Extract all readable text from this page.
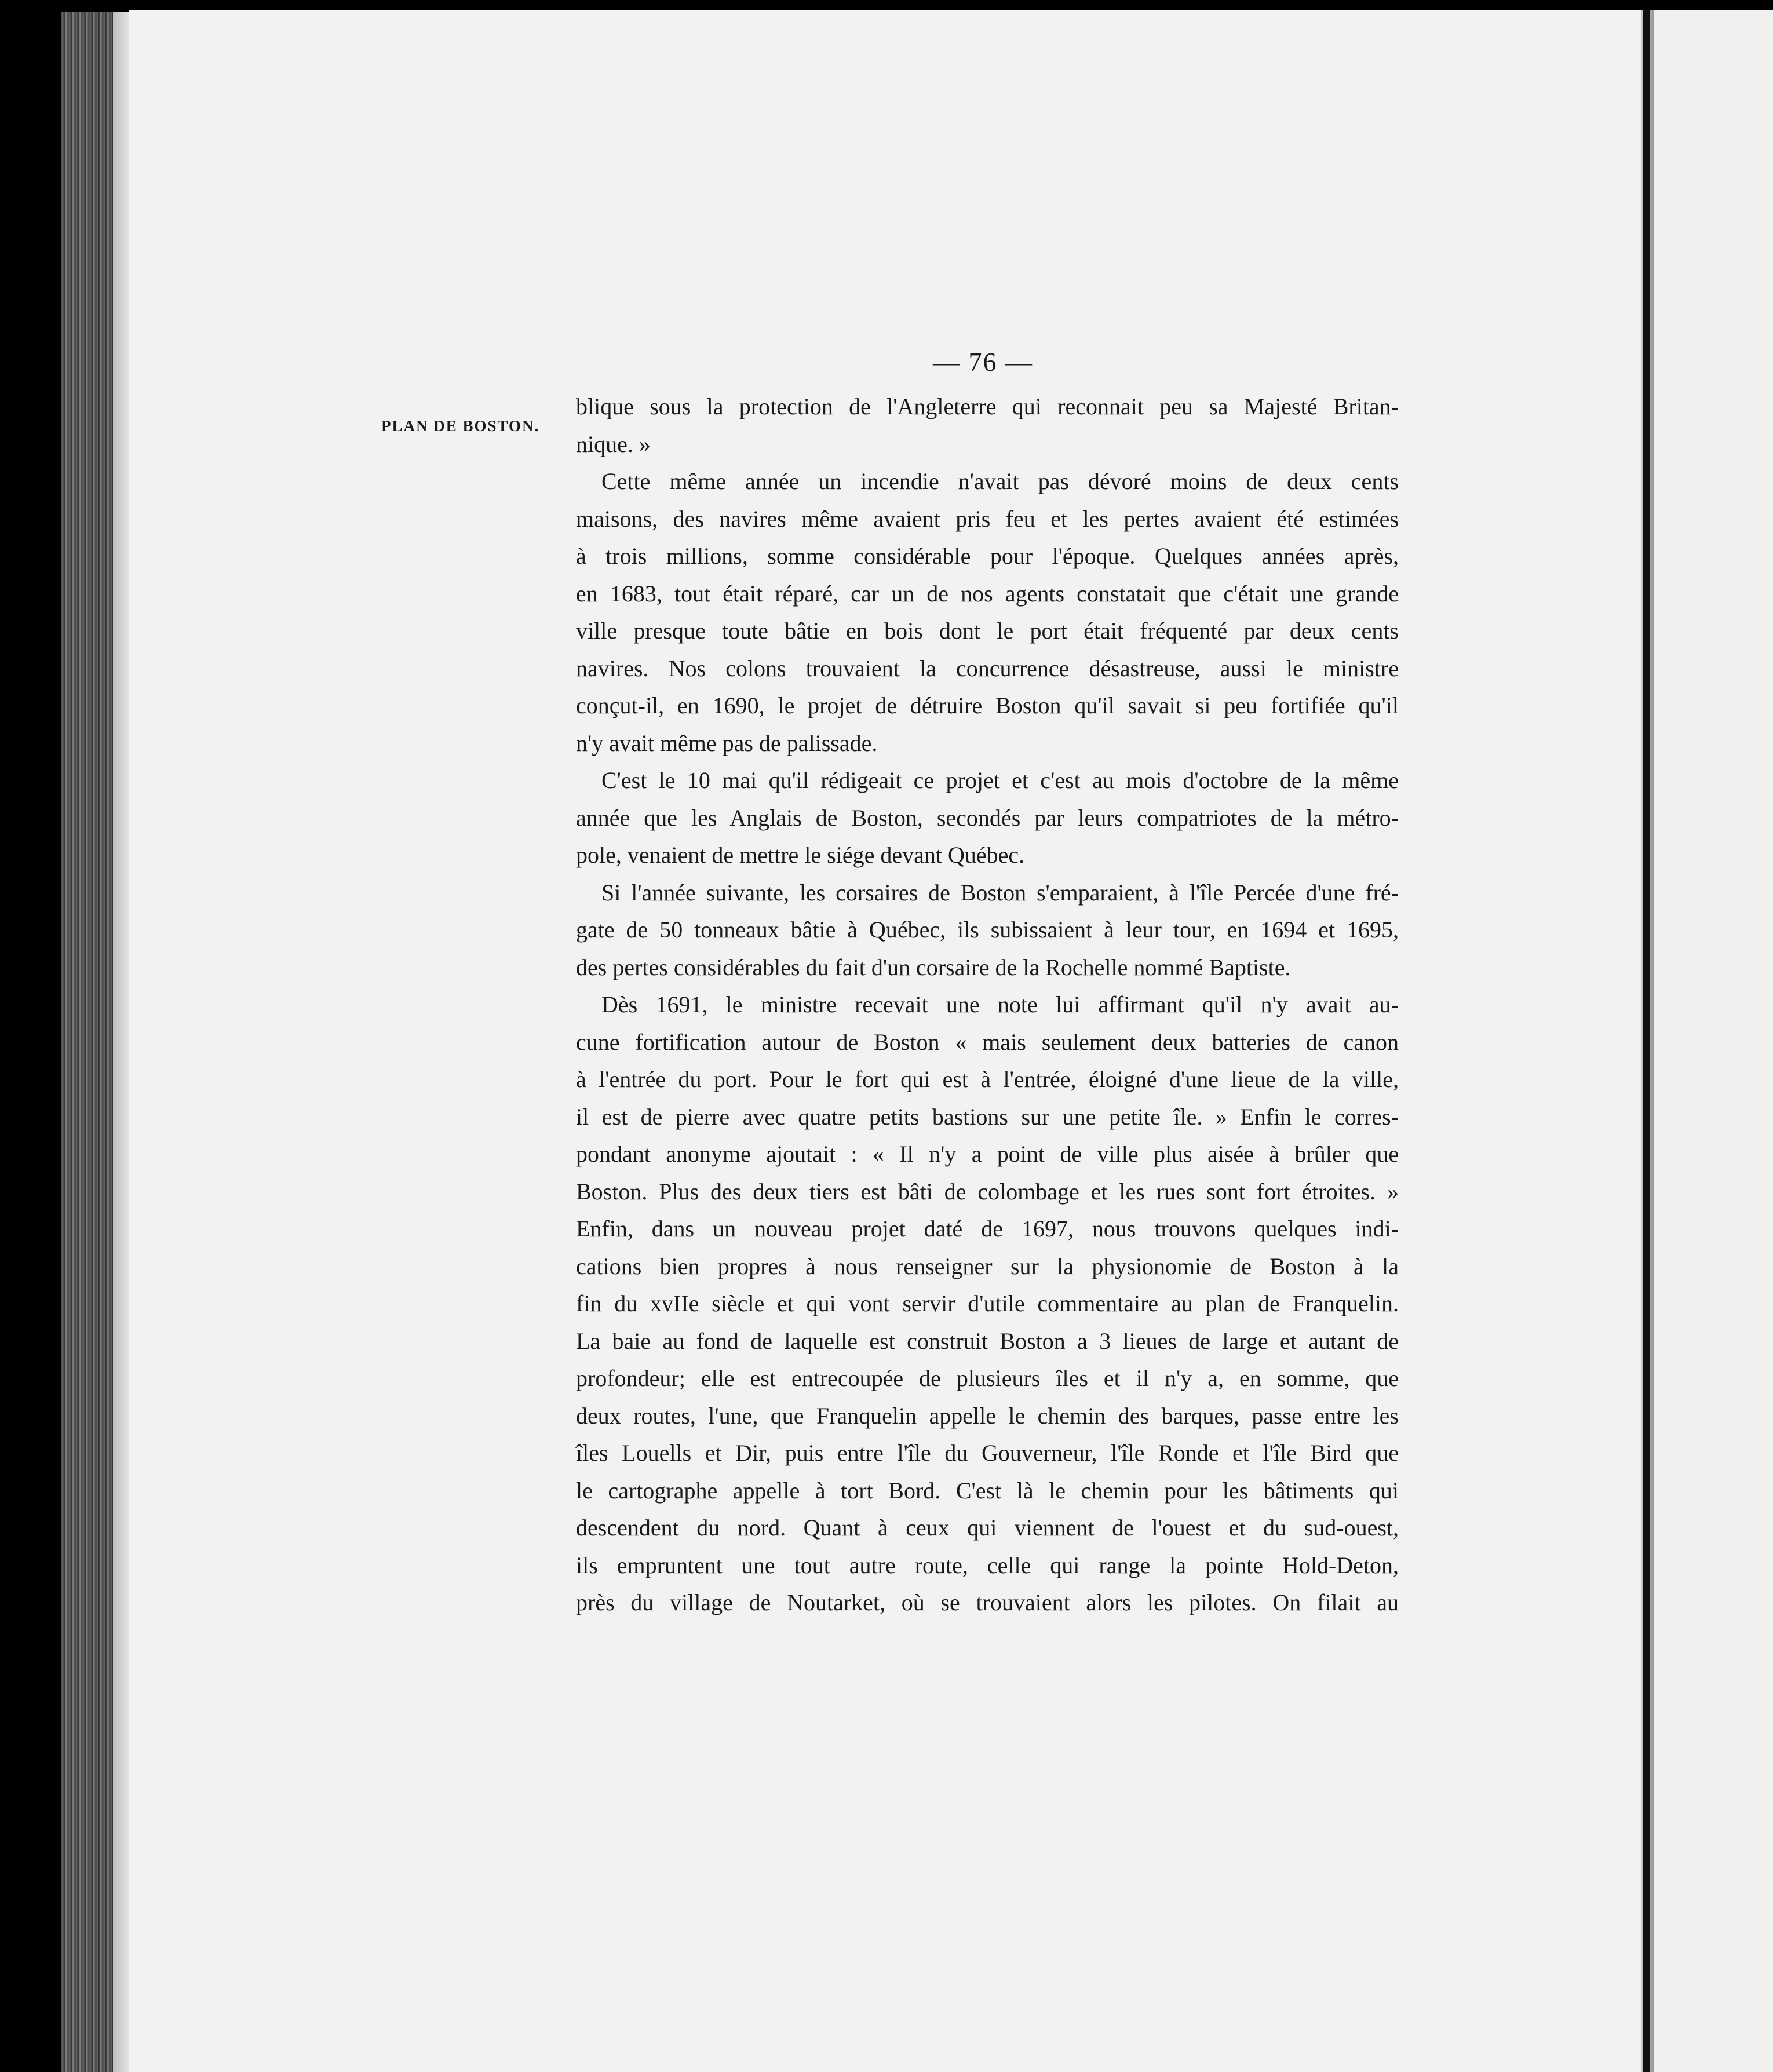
— 76 —
PLAN DE BOSTON.

blique sous la protection de l'Angleterre qui reconnait peu sa Majesté Britan-
nique. »

Cette même année un incendie n'avait pas dévoré moins de deux cents
maisons, des navires même avaient pris feu et les pertes avaient été estimées
à trois millions, somme considérable pour l'époque. Quelques années après,
en 1683, tout était réparé, car un de nos agents constatait que c'était une grande
ville presque toute bâtie en bois dont le port était fréquenté par deux cents
navires. Nos colons trouvaient la concurrence désastreuse, aussi le ministre
conçut-il, en 1690, le projet de détruire Boston qu'il savait si peu fortifiée qu'il
n'y avait même pas de palissade.

C'est le 10 mai qu'il rédigeait ce projet et c'est au mois d'octobre de la même
année que les Anglais de Boston, secondés par leurs compatriotes de la métro-
pole, venaient de mettre le siége devant Québec.

Si l'année suivante, les corsaires de Boston s'emparaient, à l'île Percée d'une fré-
gate de 50 tonneaux bâtie à Québec, ils subissaient à leur tour, en 1694 et 1695,
des pertes considérables du fait d'un corsaire de la Rochelle nommé Baptiste.

Dès 1691, le ministre recevait une note lui affirmant qu'il n'y avait au-
cune fortification autour de Boston « mais seulement deux batteries de canon
à l'entrée du port. Pour le fort qui est à l'entrée, éloigné d'une lieue de la ville,
il est de pierre avec quatre petits bastions sur une petite île. » Enfin le corres-
pondant anonyme ajoutait : « Il n'y a point de ville plus aisée à brûler que
Boston. Plus des deux tiers est bâti de colombage et les rues sont fort étroites. »
Enfin, dans un nouveau projet daté de 1697, nous trouvons quelques indi-
cations bien propres à nous renseigner sur la physionomie de Boston à la
fin du xvIIe siècle et qui vont servir d'utile commentaire au plan de Franquelin.
La baie au fond de laquelle est construit Boston a 3 lieues de large et autant de
profondeur; elle est entrecoupée de plusieurs îles et il n'y a, en somme, que
deux routes, l'une, que Franquelin appelle le chemin des barques, passe entre les
îles Louells et Dir, puis entre l'île du Gouverneur, l'île Ronde et l'île Bird que
le cartographe appelle à tort Bord. C'est là le chemin pour les bâtiments qui
descendent du nord. Quant à ceux qui viennent de l'ouest et du sud-ouest,
ils empruntent une tout autre route, celle qui range la pointe Hold-Deton,
près du village de Noutarket, où se trouvaient alors les pilotes. On filait au
